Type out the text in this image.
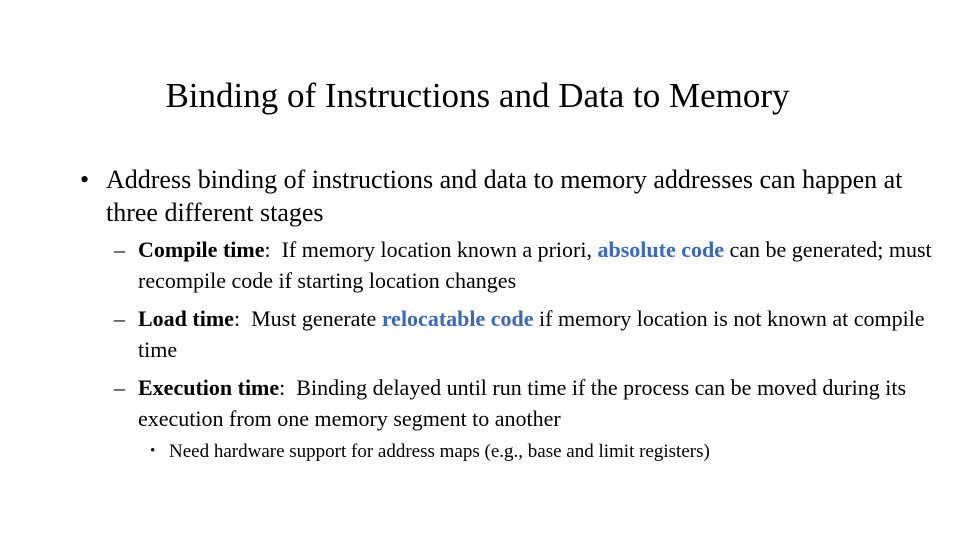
Binding of Instructions and Data to Memory
• Address binding of instructions and data to memory addresses can happen at three different stages
– Compile time:  If memory location known a priori, absolute code can be generated; must recompile code if starting location changes
– Load time:  Must generate relocatable code if memory location is not known at compile time
– Execution time:  Binding delayed until run time if the process can be moved during its execution from one memory segment to another
• Need hardware support for address maps (e.g., base and limit registers)
